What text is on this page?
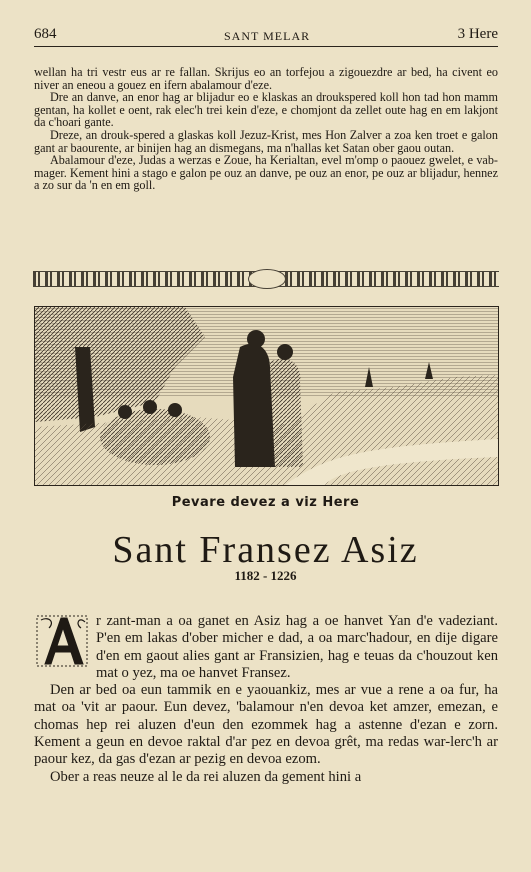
684	SANT MELAR	3 Here

wellan ha tri vestr eus ar re fallan. Skrijus eo an torfejou a zigouezdre ar bed, ha civent eo niver an eneou a gouez en ifern abalamour d'eze.

Dre an danve, an enor hag ar blijadur eo e klaskas an droukspered koll hon tad hon mamm gentan, ha kollet e oent, rak elec'h trei kein d'eze, e chomjont da zellet oute hag en em lakjont da c'hoari gante.

Dreze, an drouk-spered a glaskas koll Jezuz-Krist, mes Hon Zalver a zoa ken troet e galon gant ar baourente, ar binijen hag an dismegans, ma n'hallas ket Satan ober gaou outan.

Abalamour d'eze, Judas a werzas e Zoue, ha Kerialtan, evel m'omp o paouez gwelet, e vab-mager. Kement hini a stago e galon pe ouz an danve, pe ouz an enor, pe ouz ar blijadur, hennez a zo sur da 'n en em goll.

Pevare devez a viz Here
Sant Fransez Asiz
1182 - 1226

r zant-man a oa ganet en Asiz hag a oe hanvet Yan d'e vadeziant. P'en em lakas d'ober micher e dad, a oa marc'hadour, en dije digare d'en em gaout alies gant ar Fransizien, hag e teuas da c'houzout ken mat o yez, ma oe hanvet Fransez.

Den ar bed oa eun tammik en e yaouankiz, mes ar vue a rene a oa fur, ha mat oa 'vit ar paour. Eun devez, 'balamour n'en devoa ket amzer, emezan, e chomas hep rei aluzen d'eun den ezommek hag a astenne d'ezan e zorn. Kement a geun en devoe raktal d'ar pez en devoa grêt, ma redas war-lerc'h ar paour kez, da gas d'ezan ar pezig en devoa ezom.

Ober a reas neuze al le da rei aluzen da gement hini a
